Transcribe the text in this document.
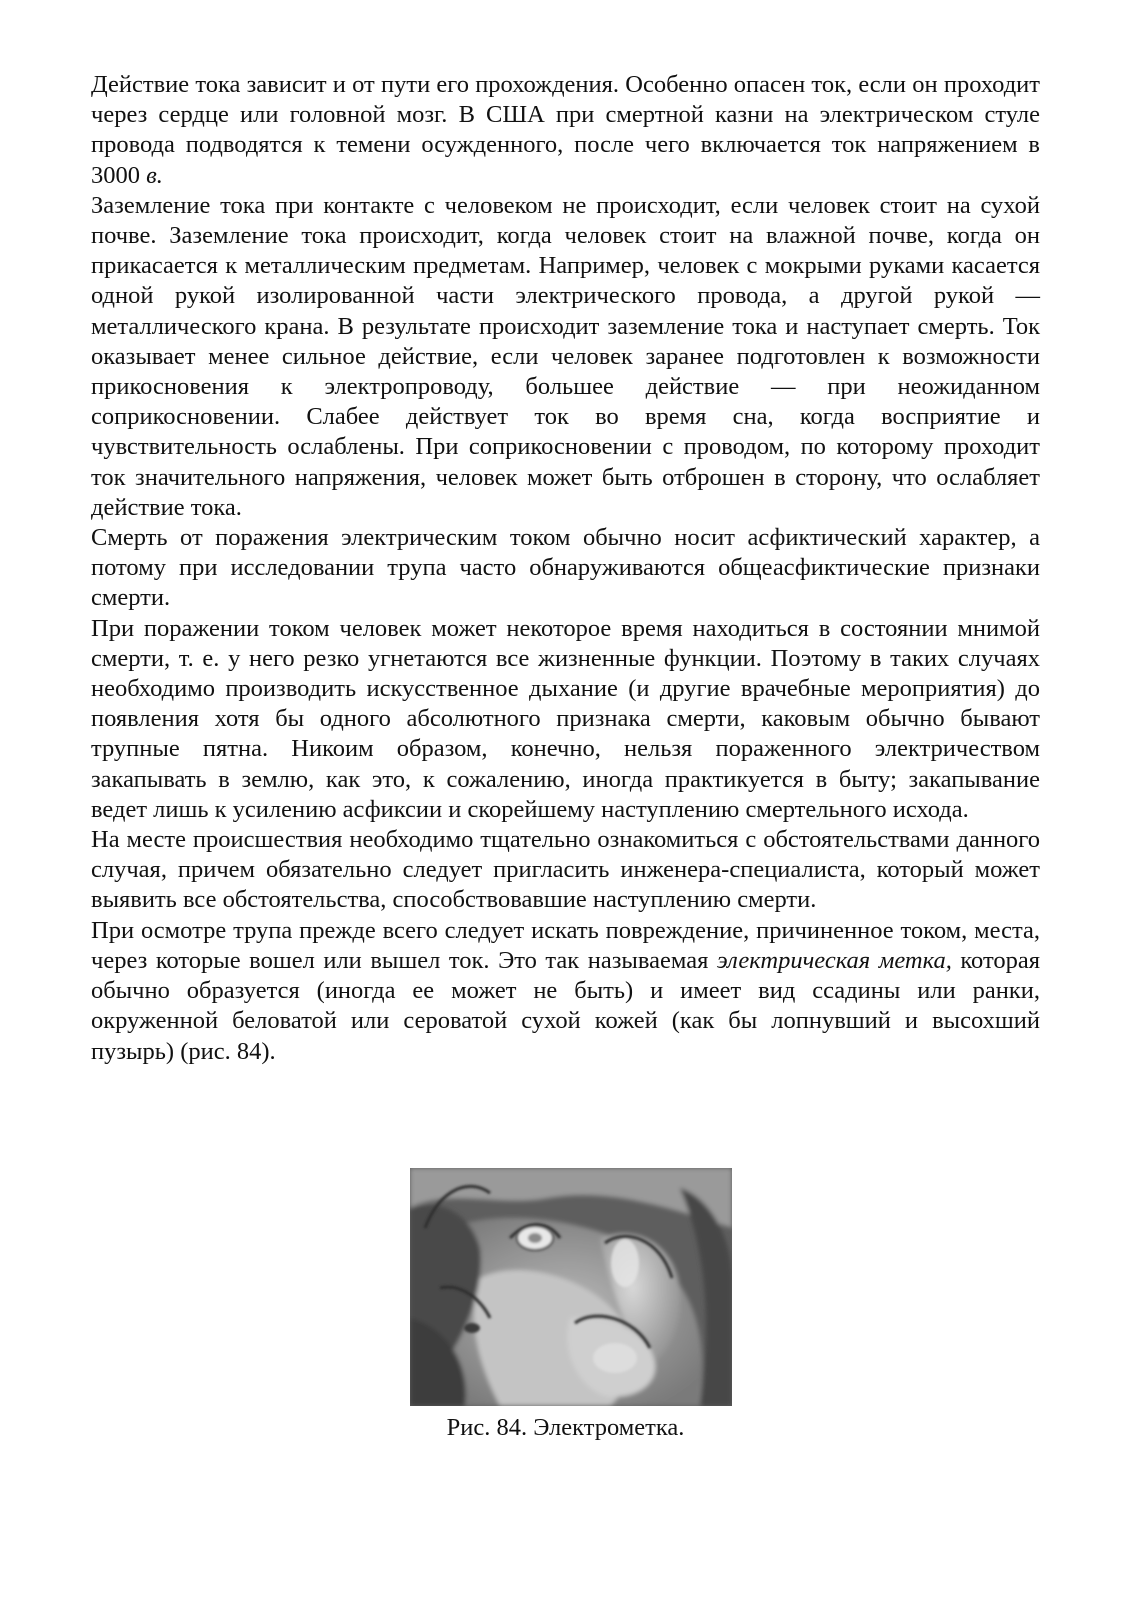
Действие тока зависит и от пути его прохождения. Особенно опасен ток, если он проходит через сердце или головной мозг. В США при смертной казни на электрическом стуле провода подводятся к темени осужденного, после чего включается ток напряжением в 3000 в.

Заземление тока при контакте с человеком не происходит, если человек стоит на сухой почве. Заземление тока происходит, когда человек стоит на влажной почве, когда он прикасается к металлическим предметам. Например, человек с мокрыми руками касается одной рукой изолированной части электрического провода, а другой рукой — металлического крана. В результате происходит заземление тока и наступает смерть. Ток оказывает менее сильное действие, если человек заранее подготовлен к возможности прикосновения к электропроводу, большее действие — при неожиданном соприкосновении. Слабее действует ток во время сна, когда восприятие и чувствительность ослаблены. При соприкосновении с проводом, по которому проходит ток значительного напряжения, человек может быть отброшен в сторону, что ослабляет действие тока.

Смерть от поражения электрическим током обычно носит асфиктический характер, а потому при исследовании трупа часто обнаруживаются общеасфиктические признаки смерти.

При поражении током человек может некоторое время находиться в состоянии мнимой смерти, т. е. у него резко угнетаются все жизненные функции. Поэтому в таких случаях необходимо производить искусственное дыхание (и другие врачебные мероприятия) до появления хотя бы одного абсолютного признака смерти, каковым обычно бывают трупные пятна. Никоим образом, конечно, нельзя пораженного электричеством закапывать в землю, как это, к сожалению, иногда практикуется в быту; закапывание ведет лишь к усилению асфиксии и скорейшему наступлению смертельного исхода.

На месте происшествия необходимо тщательно ознакомиться с обстоятельствами данного случая, причем обязательно следует пригласить инженера-специалиста, который может выявить все обстоятельства, способствовавшие наступлению смерти.

При осмотре трупа прежде всего следует искать повреждение, причиненное током, места, через которые вошел или вышел ток. Это так называемая электрическая метка, которая обычно образуется (иногда ее может не быть) и имеет вид ссадины или ранки, окруженной беловатой или сероватой сухой кожей (как бы лопнувший и высохший пузырь) (рис. 84).

Рис. 84. Электрометка.
